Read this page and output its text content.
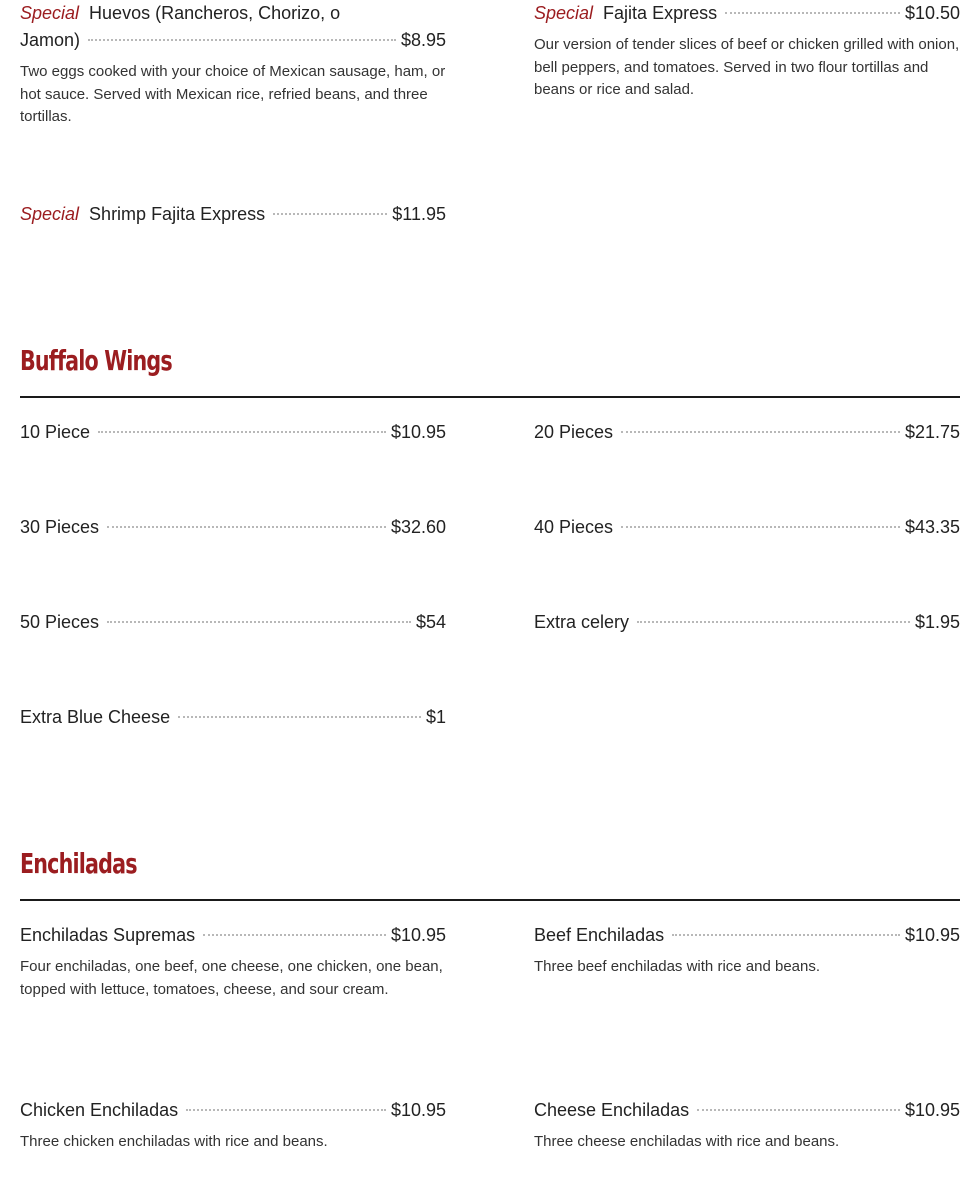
Special Huevos (Rancheros, Chorizo, o
Jamon)	$8.95
Two eggs cooked with your choice of Mexican sausage, ham, or hot sauce. Served with Mexican rice, refried beans, and three tortillas.
Special Fajita Express	$10.50
Our version of tender slices of beef or chicken grilled with onion, bell peppers, and tomatoes. Served in two flour tortillas and beans or rice and salad.
Special Shrimp Fajita Express	$11.95
Buffalo Wings
10 Piece	$10.95	20 Pieces	$21.75
30 Pieces	$32.60	40 Pieces	$43.35
50 Pieces	$54	Extra celery	$1.95
Extra Blue Cheese	$1
Enchiladas
Enchiladas Supremas	$10.95
Four enchiladas, one beef, one cheese, one chicken, one bean, topped with lettuce, tomatoes, cheese, and sour cream.
Beef Enchiladas	$10.95
Three beef enchiladas with rice and beans.
Chicken Enchiladas	$10.95
Three chicken enchiladas with rice and beans.
Cheese Enchiladas	$10.95
Three cheese enchiladas with rice and beans.
